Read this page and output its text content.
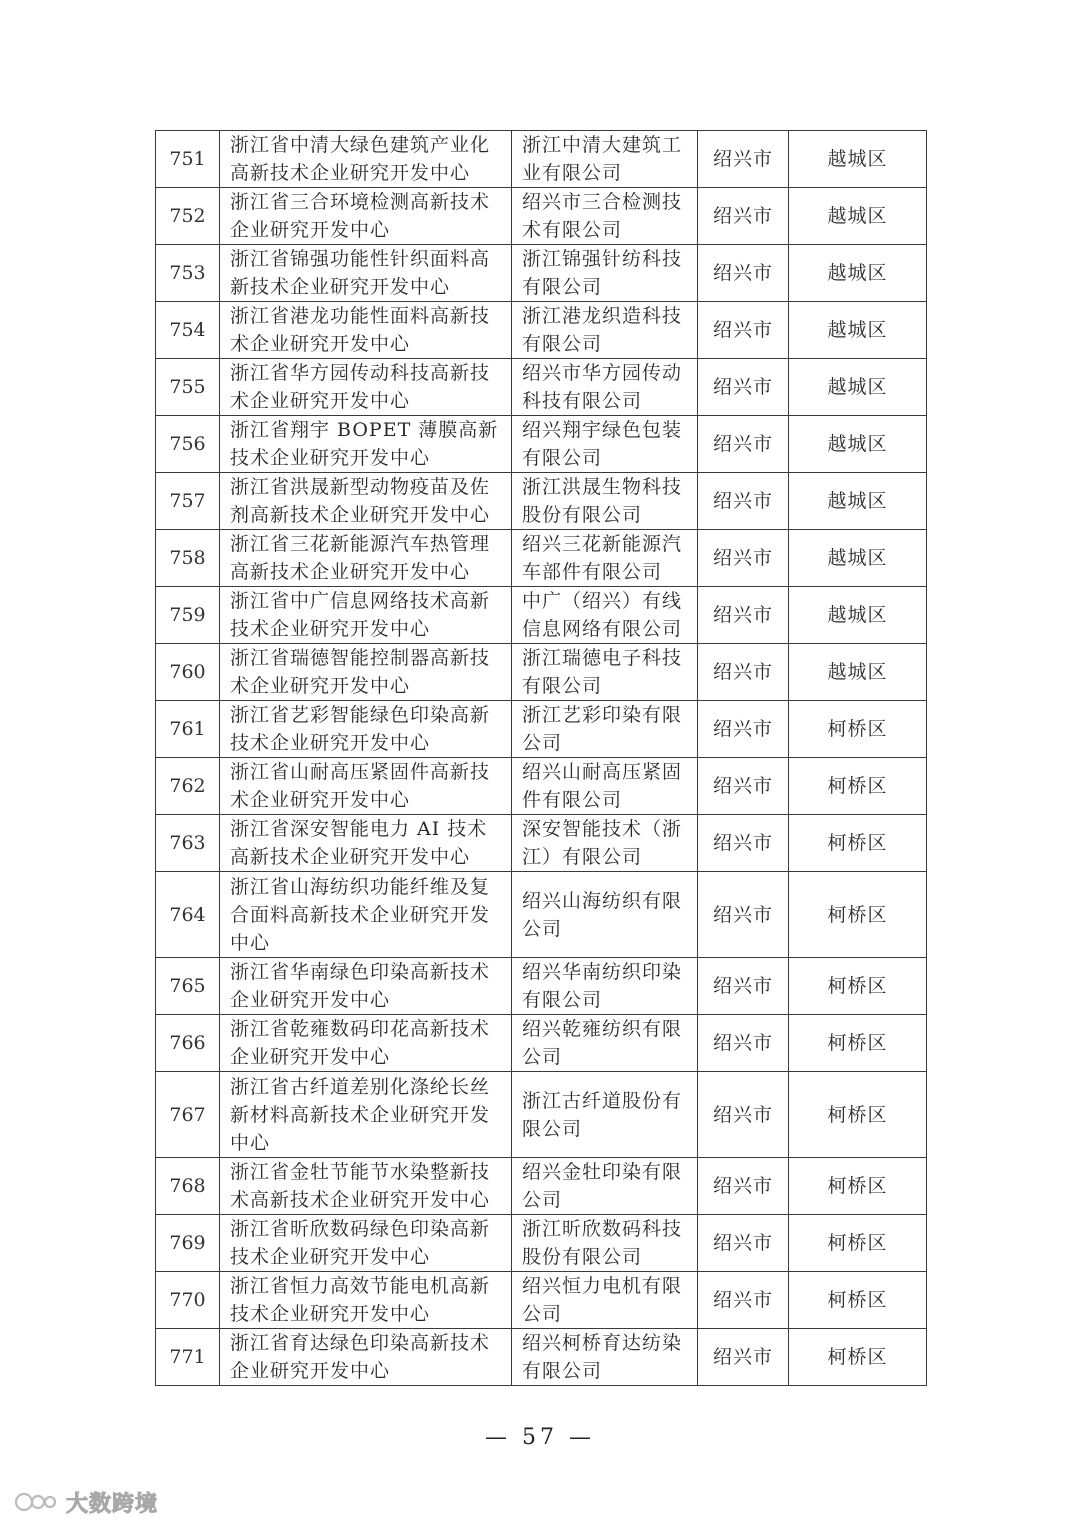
751	浙江省中清大绿色建筑产业化高新技术企业研究开发中心	浙江中清大建筑工业有限公司	绍兴市	越城区
752	浙江省三合环境检测高新技术企业研究开发中心	绍兴市三合检测技术有限公司	绍兴市	越城区
753	浙江省锦强功能性针织面料高新技术企业研究开发中心	浙江锦强针纺科技有限公司	绍兴市	越城区
754	浙江省港龙功能性面料高新技术企业研究开发中心	浙江港龙织造科技有限公司	绍兴市	越城区
755	浙江省华方园传动科技高新技术企业研究开发中心	绍兴市华方园传动科技有限公司	绍兴市	越城区
756	浙江省翔宇 BOPET 薄膜高新技术企业研究开发中心	绍兴翔宇绿色包装有限公司	绍兴市	越城区
757	浙江省洪晟新型动物疫苗及佐剂高新技术企业研究开发中心	浙江洪晟生物科技股份有限公司	绍兴市	越城区
758	浙江省三花新能源汽车热管理高新技术企业研究开发中心	绍兴三花新能源汽车部件有限公司	绍兴市	越城区
759	浙江省中广信息网络技术高新技术企业研究开发中心	中广（绍兴）有线信息网络有限公司	绍兴市	越城区
760	浙江省瑞德智能控制器高新技术企业研究开发中心	浙江瑞德电子科技有限公司	绍兴市	越城区
761	浙江省艺彩智能绿色印染高新技术企业研究开发中心	浙江艺彩印染有限公司	绍兴市	柯桥区
762	浙江省山耐高压紧固件高新技术企业研究开发中心	绍兴山耐高压紧固件有限公司	绍兴市	柯桥区
763	浙江省深安智能电力 AI 技术高新技术企业研究开发中心	深安智能技术（浙江）有限公司	绍兴市	柯桥区
764	浙江省山海纺织功能纤维及复合面料高新技术企业研究开发中心	绍兴山海纺织有限公司	绍兴市	柯桥区
765	浙江省华南绿色印染高新技术企业研究开发中心	绍兴华南纺织印染有限公司	绍兴市	柯桥区
766	浙江省乾雍数码印花高新技术企业研究开发中心	绍兴乾雍纺织有限公司	绍兴市	柯桥区
767	浙江省古纤道差别化涤纶长丝新材料高新技术企业研究开发中心	浙江古纤道股份有限公司	绍兴市	柯桥区
768	浙江省金牡节能节水染整新技术高新技术企业研究开发中心	绍兴金牡印染有限公司	绍兴市	柯桥区
769	浙江省昕欣数码绿色印染高新技术企业研究开发中心	浙江昕欣数码科技股份有限公司	绍兴市	柯桥区
770	浙江省恒力高效节能电机高新技术企业研究开发中心	绍兴恒力电机有限公司	绍兴市	柯桥区
771	浙江省育达绿色印染高新技术企业研究开发中心	绍兴柯桥育达纺染有限公司	绍兴市	柯桥区
— 57 —
大数跨境
